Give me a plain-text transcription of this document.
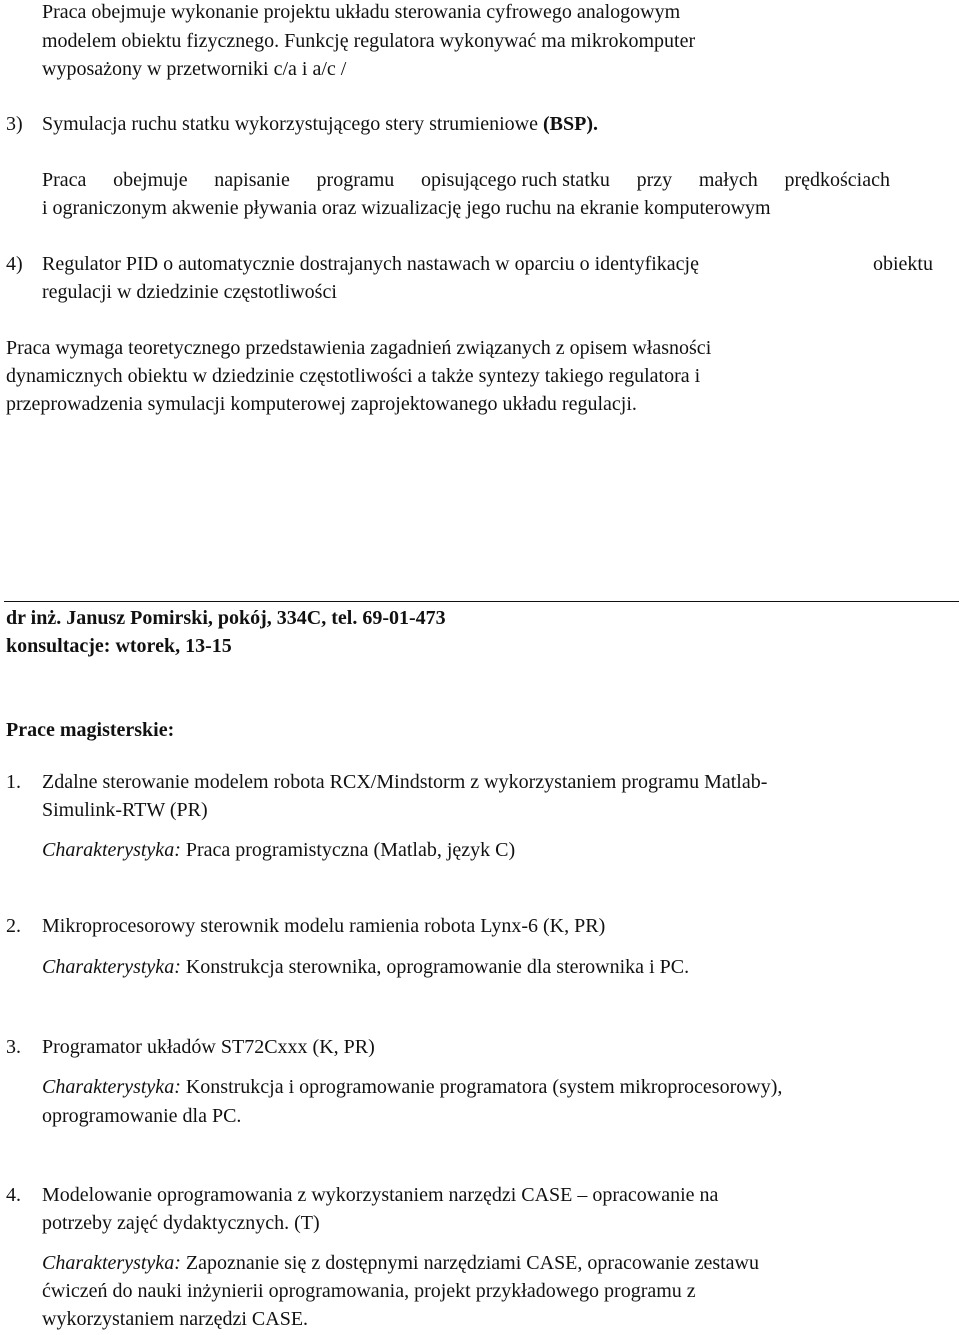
Praca obejmuje wykonanie projektu układu sterowania cyfrowego analogowym
modelem obiektu fizycznego. Funkcję regulatora wykonywać ma mikrokomputer
wyposażony w przetworniki c/a i a/c /
3) Symulacja ruchu statku wykorzystującego stery strumieniowe (BSP).
Praca obejmuje napisanie programu opisującego ruch statku przy małych prędkościach
i ograniczonym akwenie pływania oraz wizualizację jego ruchu na ekranie komputerowym
4) Regulator PID o automatycznie dostrajanych nastawach w oparciu o identyfikację	obiektu
regulacji w dziedzinie częstotliwości
Praca wymaga teoretycznego przedstawienia zagadnień związanych z opisem własności
dynamicznych obiektu w dziedzinie częstotliwości a także syntezy takiego regulatora i
przeprowadzenia symulacji komputerowej zaprojektowanego układu regulacji.
dr inż. Janusz Pomirski, pokój, 334C, tel. 69-01-473
konsultacje: wtorek, 13-15
Prace magisterskie:
1. Zdalne sterowanie modelem robota RCX/Mindstorm z wykorzystaniem programu Matlab-
Simulink-RTW (PR)
Charakterystyka: Praca programistyczna (Matlab, język C)
2. Mikroprocesorowy sterownik modelu ramienia robota Lynx-6 (K, PR)
Charakterystyka: Konstrukcja sterownika, oprogramowanie dla sterownika i PC.
3. Programator układów ST72Cxxx (K, PR)
Charakterystyka: Konstrukcja i oprogramowanie programatora (system mikroprocesorowy),
oprogramowanie dla PC.
4. Modelowanie oprogramowania z wykorzystaniem narzędzi CASE – opracowanie na
potrzeby zajęć dydaktycznych. (T)
Charakterystyka: Zapoznanie się z dostępnymi narzędziami CASE, opracowanie zestawu
ćwiczeń do nauki inżynierii oprogramowania, projekt przykładowego programu z
wykorzystaniem narzędzi CASE.
